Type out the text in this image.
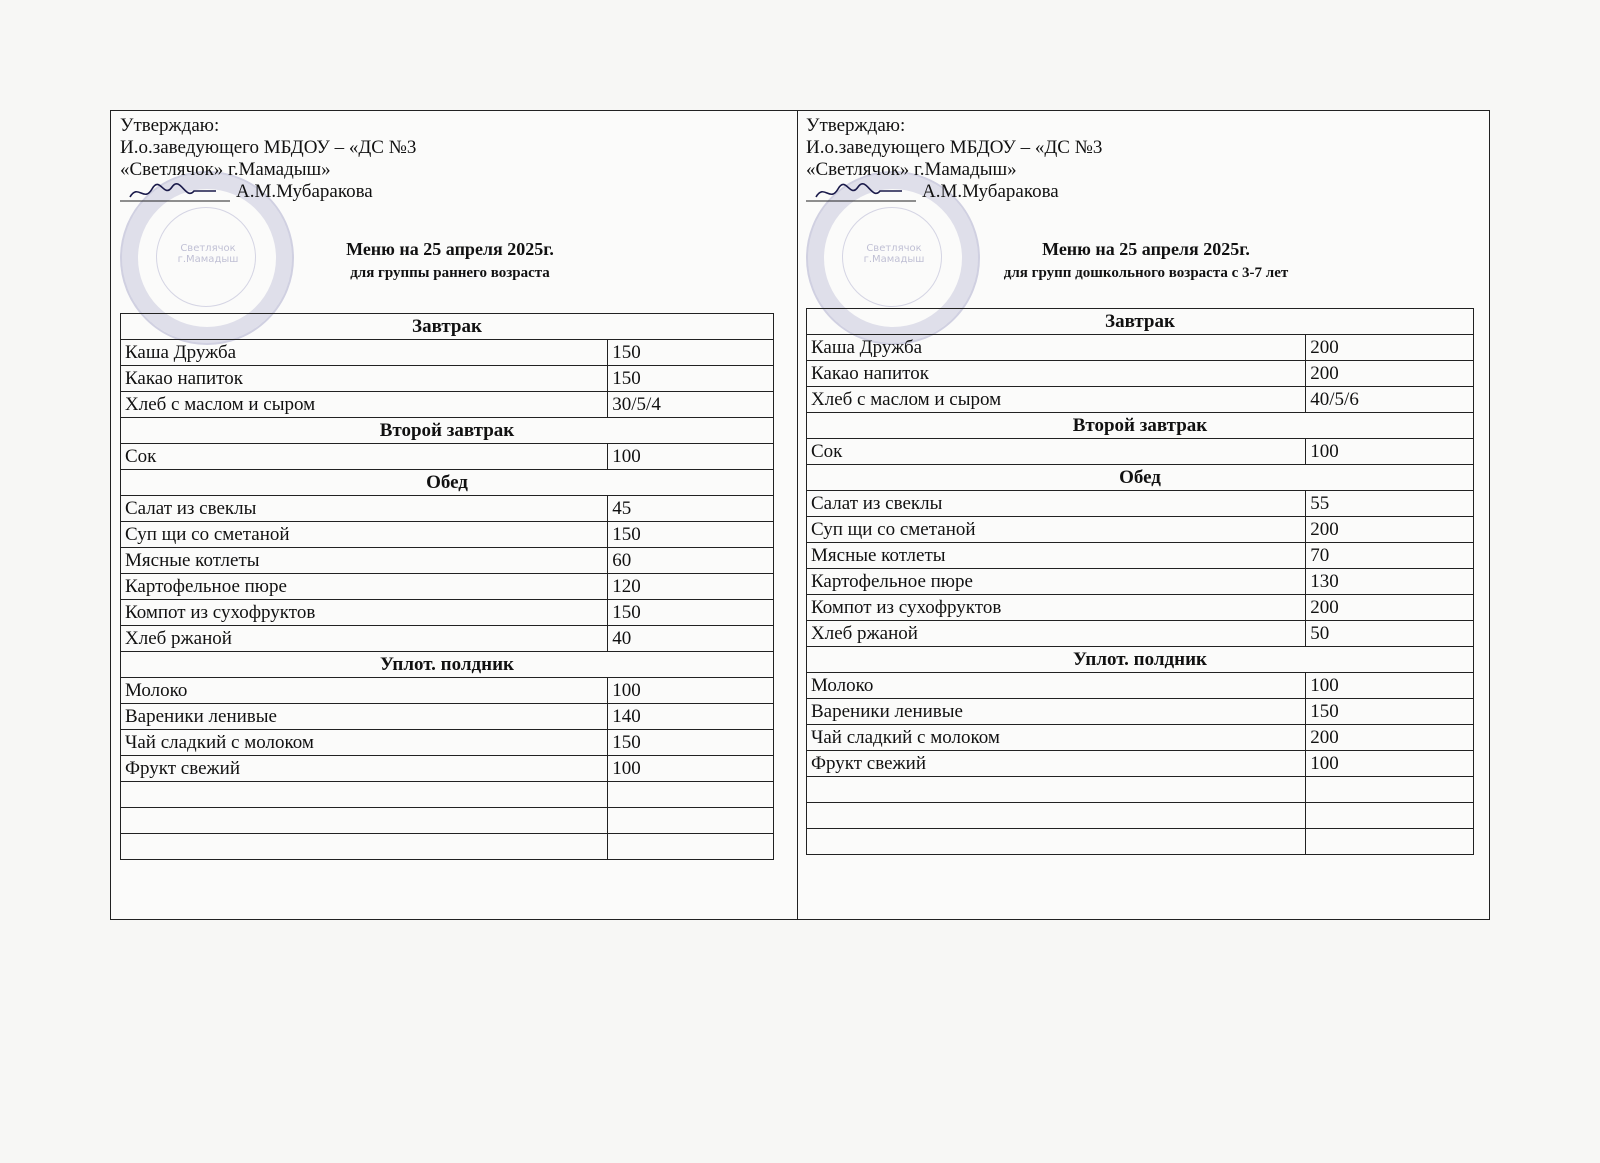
Светлячок г.Мамадыш
Утверждаю:
И.о.заведующего МБДОУ – «ДС №3
«Светлячок» г.Мамадыш»
А.М.Мубаракова
Меню на 25 апреля 2025г.
для группы раннего возраста
Завтрак	
Каша Дружба	150
Какао напиток	150
Хлеб с маслом и сыром	30/5/4
Второй завтрак	
Сок	100
Обед	
Салат из свеклы	45
Суп щи со сметаной	150
Мясные котлеты	60
Картофельное пюре	120
Компот из сухофруктов	150
Хлеб ржаной	40
Уплот. полдник	
Молоко	100
Вареники ленивые	140
Чай сладкий с молоком	150
Фрукт свежий	100

Светлячок г.Мамадыш
Утверждаю:
И.о.заведующего МБДОУ – «ДС №3
«Светлячок» г.Мамадыш»
А.М.Мубаракова
Меню на 25 апреля 2025г.
для групп дошкольного возраста с 3-7 лет
Завтрак	
Каша Дружба	200
Какао напиток	200
Хлеб с маслом и сыром	40/5/6
Второй завтрак	
Сок	100
Обед	
Салат из свеклы	55
Суп щи со сметаной	200
Мясные котлеты	70
Картофельное пюре	130
Компот из сухофруктов	200
Хлеб ржаной	50
Уплот. полдник	
Молоко	100
Вареники ленивые	150
Чай сладкий с молоком	200
Фрукт свежий	100
